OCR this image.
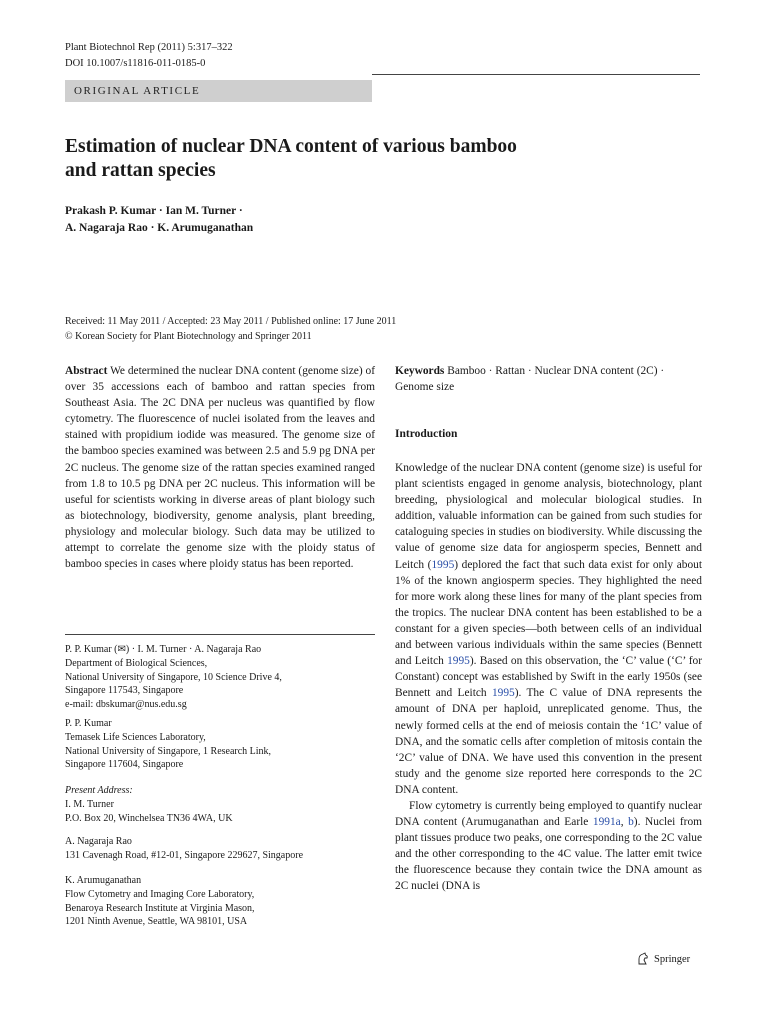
Plant Biotechnol Rep (2011) 5:317–322
DOI 10.1007/s11816-011-0185-0
ORIGINAL ARTICLE
Estimation of nuclear DNA content of various bamboo
and rattan species
Prakash P. Kumar · Ian M. Turner ·
A. Nagaraja Rao · K. Arumuganathan
Received: 11 May 2011 / Accepted: 23 May 2011 / Published online: 17 June 2011
© Korean Society for Plant Biotechnology and Springer 2011
Abstract We determined the nuclear DNA content (genome size) of over 35 accessions each of bamboo and rattan species from Southeast Asia. The 2C DNA per nucleus was quantified by flow cytometry. The fluorescence of nuclei isolated from the leaves and stained with propidium iodide was measured. The genome size of the bamboo species examined was between 2.5 and 5.9 pg DNA per 2C nucleus. The genome size of the rattan species examined ranged from 1.8 to 10.5 pg DNA per 2C nucleus. This information will be useful for scientists working in diverse areas of plant biology such as biotechnology, biodiversity, genome analysis, plant breeding, physiology and molecular biology. Such data may be utilized to attempt to correlate the genome size with the ploidy status of bamboo species in cases where ploidy status has been reported.
P. P. Kumar (✉) · I. M. Turner · A. Nagaraja Rao
Department of Biological Sciences,
National University of Singapore, 10 Science Drive 4,
Singapore 117543, Singapore
e-mail: dbskumar@nus.edu.sg
P. P. Kumar
Temasek Life Sciences Laboratory,
National University of Singapore, 1 Research Link,
Singapore 117604, Singapore
Present Address:
I. M. Turner
P.O. Box 20, Winchelsea TN36 4WA, UK
A. Nagaraja Rao
131 Cavenagh Road, #12-01, Singapore 229627, Singapore
K. Arumuganathan
Flow Cytometry and Imaging Core Laboratory,
Benaroya Research Institute at Virginia Mason,
1201 Ninth Avenue, Seattle, WA 98101, USA
Keywords Bamboo · Rattan · Nuclear DNA content (2C) · Genome size
Introduction
Knowledge of the nuclear DNA content (genome size) is useful for plant scientists engaged in genome analysis, biotechnology, plant breeding, physiological and molecular biological studies. In addition, valuable information can be gained from such studies for cataloguing species in studies on biodiversity. While discussing the value of genome size data for angiosperm species, Bennett and Leitch (1995) deplored the fact that such data exist for only about 1% of the known angiosperm species. They highlighted the need for more work along these lines for many of the plant species from the tropics. The nuclear DNA content has been established to be a constant for a given species—both between cells of an individual and between various individuals within the same species (Bennett and Leitch 1995). Based on this observation, the ‘C’ value (‘C’ for Constant) concept was established by Swift in the early 1950s (see Bennett and Leitch 1995). The C value of DNA represents the amount of DNA per haploid, unreplicated genome. Thus, the newly formed cells at the end of meiosis contain the ‘1C’ value of DNA, and the somatic cells after completion of mitosis contain the ‘2C’ value of DNA. We have used this convention in the present study and the genome size reported here corresponds to the 2C DNA content.
Flow cytometry is currently being employed to quantify nuclear DNA content (Arumuganathan and Earle 1991a, b). Nuclei from plant tissues produce two peaks, one corresponding to the 2C value and the other corresponding to the 4C value. The latter emit twice the fluorescence because they contain twice the DNA amount as 2C nuclei (DNA is
Springer
